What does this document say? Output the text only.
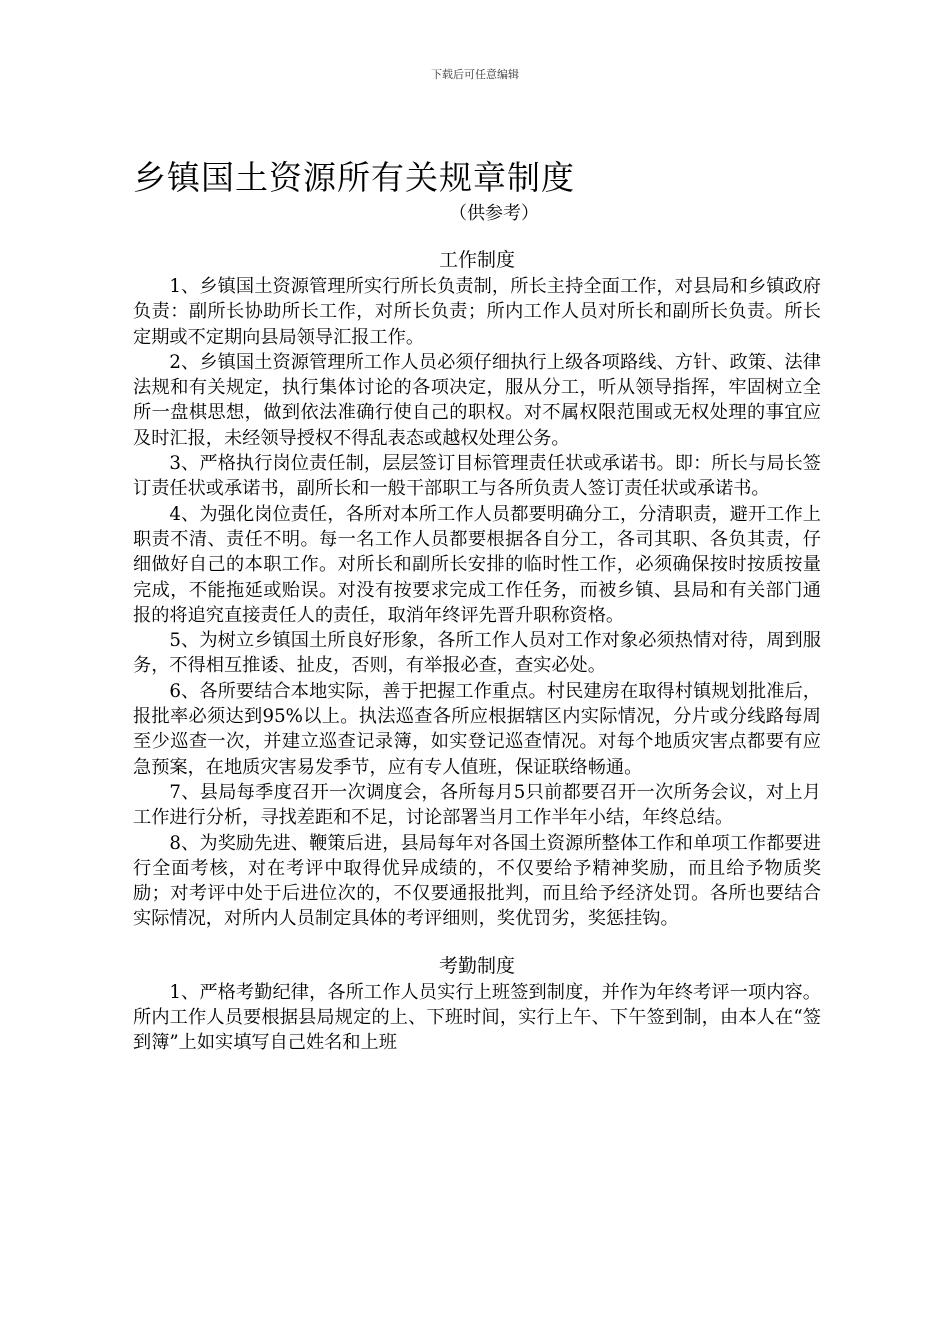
下载后可任意编辑
乡镇国土资源所有关规章制度
（供参考）
工作制度

1、乡镇国土资源管理所实行所长负责制，所长主持全面工作，对县局和乡镇政府负责：副所长协助所长工作，对所长负责；所内工作人员对所长和副所长负责。所长定期或不定期向县局领导汇报工作。

2、乡镇国土资源管理所工作人员必须仔细执行上级各项路线、方针、政策、法律法规和有关规定，执行集体讨论的各项决定，服从分工，听从领导指挥，牢固树立全所一盘棋思想，做到依法准确行使自己的职权。对不属权限范围或无权处理的事宜应及时汇报，未经领导授权不得乱表态或越权处理公务。

3、严格执行岗位责任制，层层签订目标管理责任状或承诺书。即：所长与局长签订责任状或承诺书，副所长和一般干部职工与各所负责人签订责任状或承诺书。

4、为强化岗位责任，各所对本所工作人员都要明确分工，分清职责，避开工作上职责不清、责任不明。每一名工作人员都要根据各自分工，各司其职、各负其责，仔细做好自己的本职工作。对所长和副所长安排的临时性工作，必须确保按时按质按量完成，不能拖延或贻误。对没有按要求完成工作任务，而被乡镇、县局和有关部门通报的将追究直接责任人的责任，取消年终评先晋升职称资格。

5、为树立乡镇国土所良好形象，各所工作人员对工作对象必须热情对待，周到服务，不得相互推诿、扯皮，否则，有举报必查，查实必处。

6、各所要结合本地实际，善于把握工作重点。村民建房在取得村镇规划批准后，报批率必须达到95%以上。执法巡查各所应根据辖区内实际情况，分片或分线路每周至少巡查一次，并建立巡查记录簿，如实登记巡查情况。对每个地质灾害点都要有应急预案，在地质灾害易发季节，应有专人值班，保证联络畅通。

7、县局每季度召开一次调度会，各所每月5只前都要召开一次所务会议，对上月工作进行分析，寻找差距和不足，讨论部署当月工作半年小结，年终总结。

8、为奖励先进、鞭策后进，县局每年对各国土资源所整体工作和单项工作都要进行全面考核，对在考评中取得优异成绩的，不仅要给予精神奖励，而且给予物质奖励；对考评中处于后进位次的，不仅要通报批判，而且给予经济处罚。各所也要结合实际情况，对所内人员制定具体的考评细则，奖优罚劣，奖惩挂钩。

考勤制度

1、严格考勤纪律，各所工作人员实行上班签到制度，并作为年终考评一项内容。所内工作人员要根据县局规定的上、下班时间，实行上午、下午签到制，由本人在“签到簿”上如实填写自己姓名和上班
